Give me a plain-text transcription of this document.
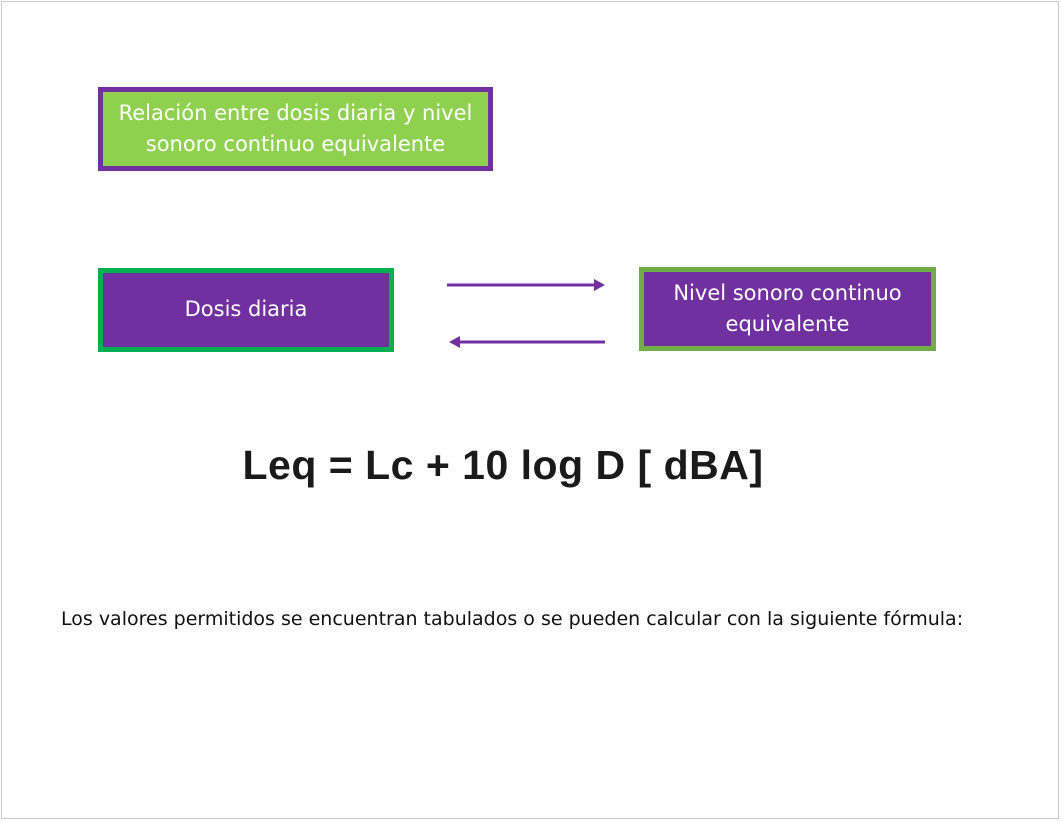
Relación entre dosis diaria y nivel sonoro continuo equivalente
Dosis diaria
Nivel sonoro continuo equivalente
Leq = Lc + 10 log D [ dBA]
Los valores permitidos se encuentran tabulados o se pueden calcular con la siguiente fórmula:
